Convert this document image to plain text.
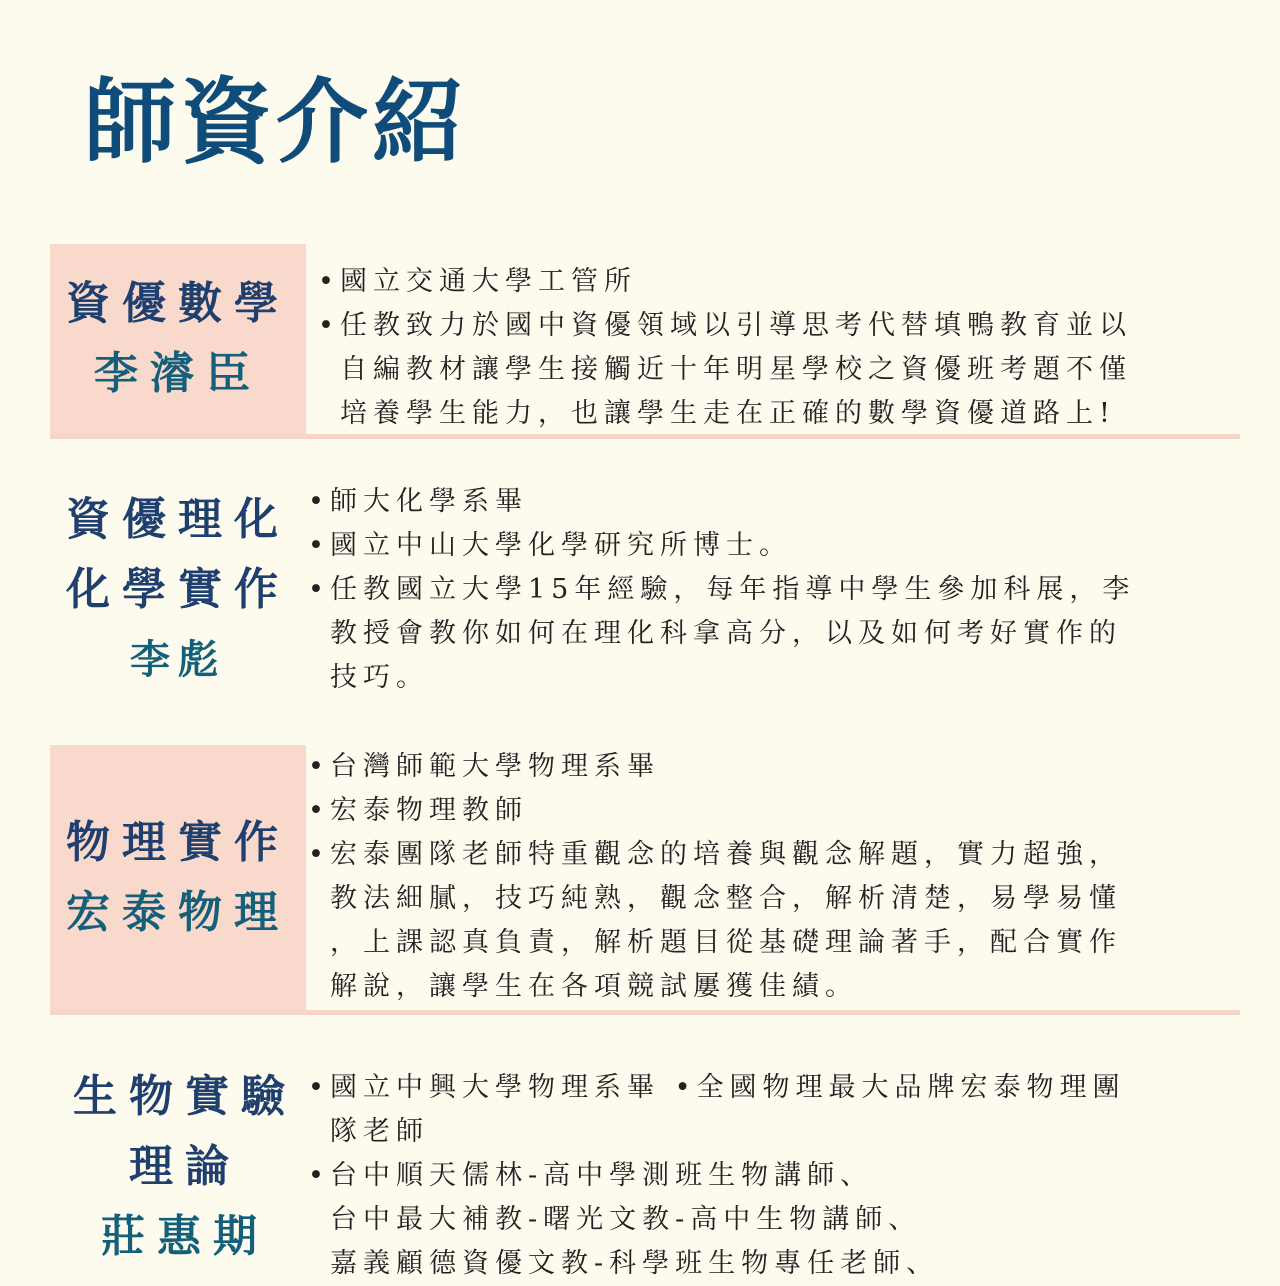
師資介紹
資優數學
李濬臣
• 國立交通大學工管所
• 任教致力於國中資優領域以引導思考代替填鴨教育並以
自編教材讓學生接觸近十年明星學校之資優班考題不僅
培養學生能力，也讓學生走在正確的數學資優道路上!
資優理化
化學實作
李彪
• 師大化學系畢
• 國立中山大學化學研究所博士。
• 任教國立大學15年經驗，每年指導中學生參加科展，李
教授會教你如何在理化科拿高分，以及如何考好實作的
技巧。
物理實作
宏泰物理
• 台灣師範大學物理系畢
• 宏泰物理教師
• 宏泰團隊老師特重觀念的培養與觀念解題，實力超強，
教法細膩，技巧純熟，觀念整合，解析清楚，易學易懂
，上課認真負責，解析題目從基礎理論著手，配合實作
解說，讓學生在各項競試屢獲佳績。
生物實驗
理論
莊惠期
• 國立中興大學物理系畢 •全國物理最大品牌宏泰物理團
隊老師
• 台中順天儒林-高中學測班生物講師、
台中最大補教-曙光文教-高中生物講師、
嘉義顧德資優文教-科學班生物專任老師、
